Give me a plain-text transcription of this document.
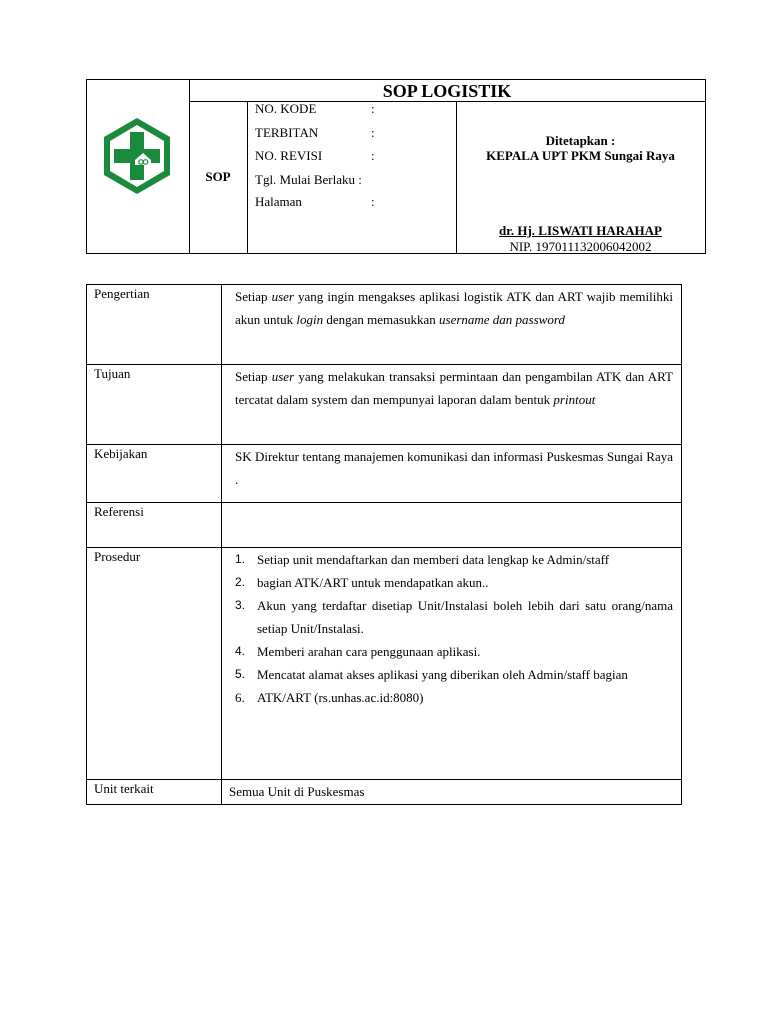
SOP LOGISTIK
SOP
NO. KODE	:
TERBITAN	:
NO. REVISI	:
Tgl. Mulai Berlaku :
Halaman	:
Ditetapkan :
KEPALA UPT PKM Sungai Raya
dr. Hj. LISWATI HARAHAP
NIP. 197011132006042002
Pengertian	Setiap user yang ingin mengakses aplikasi logistik ATK dan ART wajib memilihki akun untuk login dengan memasukkan username dan password
Tujuan	Setiap user yang melakukan transaksi permintaan dan pengambilan ATK dan ART tercatat dalam system dan mempunyai laporan dalam bentuk printout
Kebijakan	SK Direktur tentang manajemen komunikasi dan informasi Puskesmas Sungai Raya .
Referensi
Prosedur	1. Setiap unit mendaftarkan dan memberi data lengkap ke Admin/staff
2. bagian ATK/ART untuk mendapatkan akun..
3. Akun yang terdaftar disetiap Unit/Instalasi boleh lebih dari satu orang/nama setiap Unit/Instalasi.
4. Memberi arahan cara penggunaan aplikasi.
5. Mencatat alamat akses aplikasi yang diberikan oleh Admin/staff bagian
6. ATK/ART (rs.unhas.ac.id:8080)
Unit terkait	Semua Unit di Puskesmas
